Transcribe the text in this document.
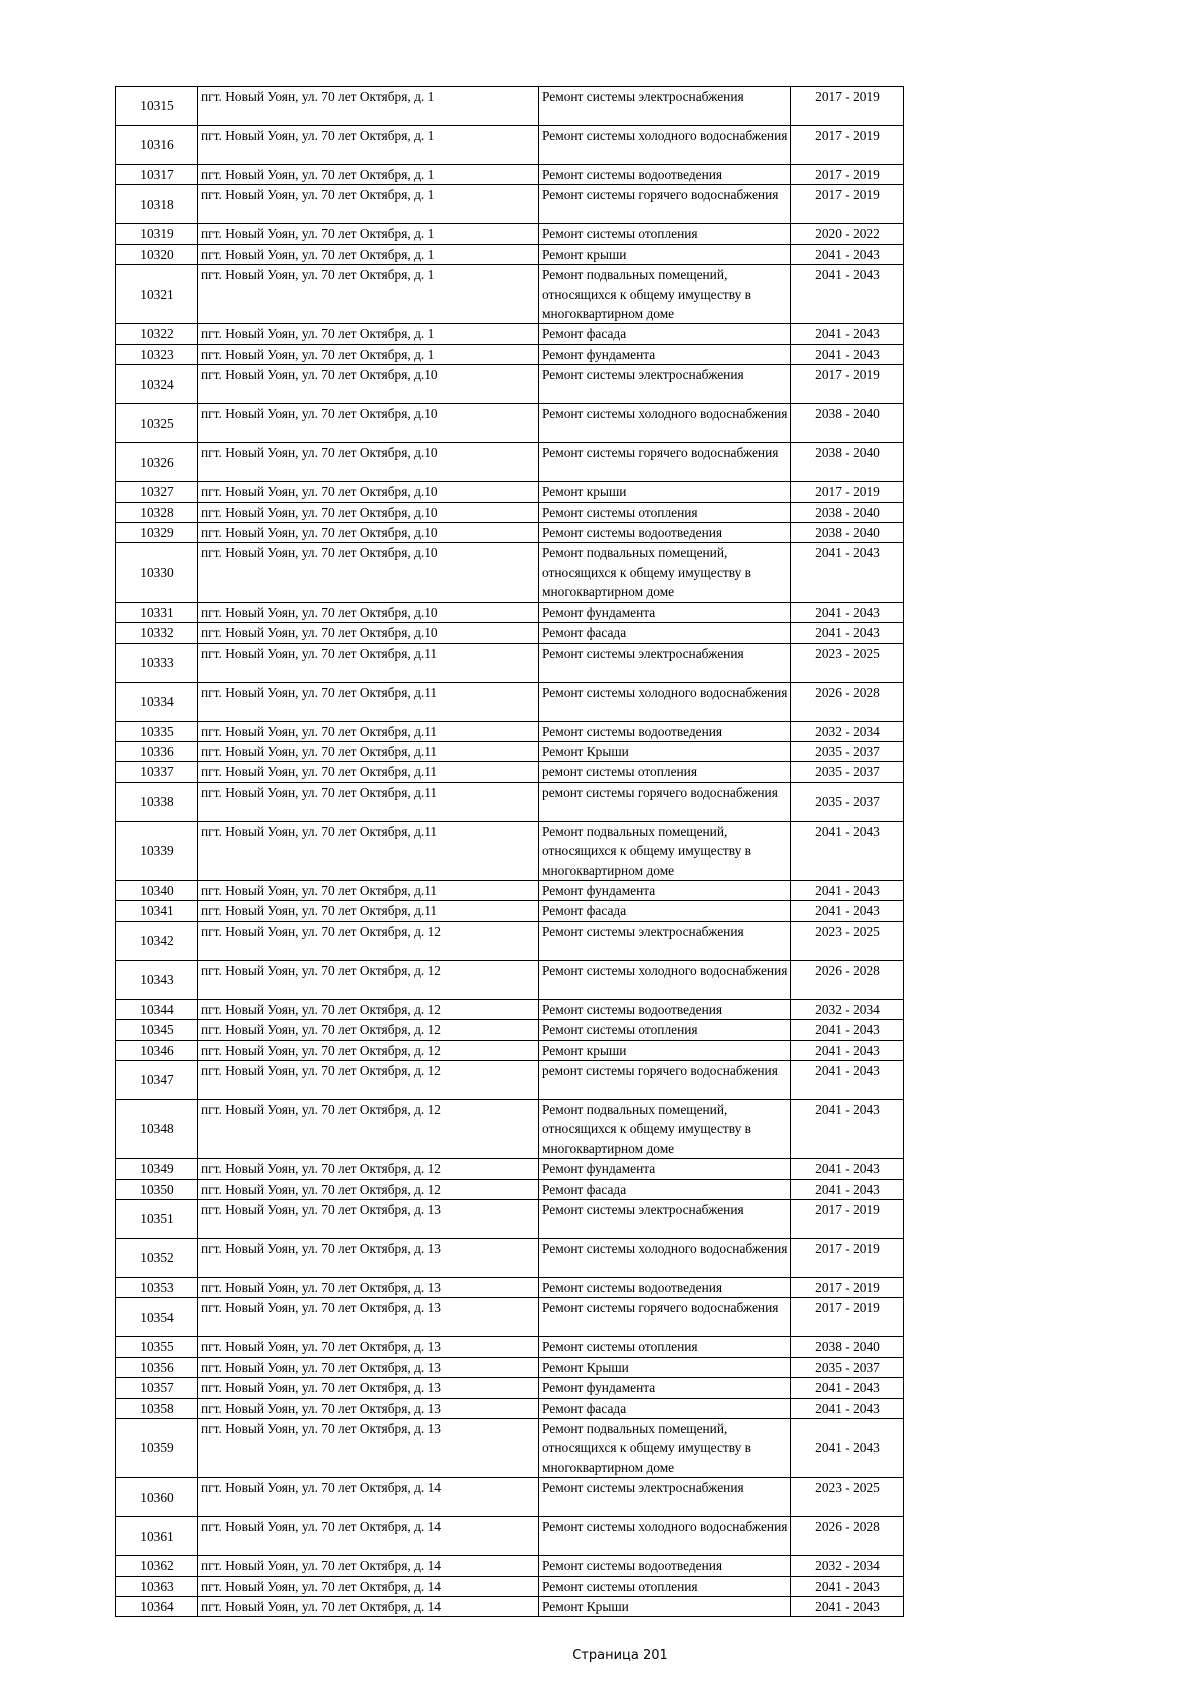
10315	пгт. Новый Уоян, ул. 70 лет Октября, д. 1	Ремонт системы электроснабжения	2017 - 2019
10316	пгт. Новый Уоян, ул. 70 лет Октября, д. 1	Ремонт системы холодного водоснабжения	2017 - 2019
10317	пгт. Новый Уоян, ул. 70 лет Октября, д. 1	Ремонт системы водоотведения	2017 - 2019
10318	пгт. Новый Уоян, ул. 70 лет Октября, д. 1	Ремонт системы горячего водоснабжения	2017 - 2019
10319	пгт. Новый Уоян, ул. 70 лет Октября, д. 1	Ремонт системы отопления	2020 - 2022
10320	пгт. Новый Уоян, ул. 70 лет Октября, д. 1	Ремонт крыши	2041 - 2043
10321	пгт. Новый Уоян, ул. 70 лет Октября, д. 1	Ремонт подвальных помещений, относящихся к общему имуществу в многоквартирном доме	2041 - 2043
10322	пгт. Новый Уоян, ул. 70 лет Октября, д. 1	Ремонт фасада	2041 - 2043
10323	пгт. Новый Уоян, ул. 70 лет Октября, д. 1	Ремонт фундамента	2041 - 2043
10324	пгт. Новый Уоян, ул. 70 лет Октября, д.10	Ремонт системы электроснабжения	2017 - 2019
10325	пгт. Новый Уоян, ул. 70 лет Октября, д.10	Ремонт системы холодного водоснабжения	2038 - 2040
10326	пгт. Новый Уоян, ул. 70 лет Октября, д.10	Ремонт системы горячего водоснабжения	2038 - 2040
10327	пгт. Новый Уоян, ул. 70 лет Октября, д.10	Ремонт крыши	2017 - 2019
10328	пгт. Новый Уоян, ул. 70 лет Октября, д.10	Ремонт системы отопления	2038 - 2040
10329	пгт. Новый Уоян, ул. 70 лет Октября, д.10	Ремонт системы водоотведения	2038 - 2040
10330	пгт. Новый Уоян, ул. 70 лет Октября, д.10	Ремонт подвальных помещений, относящихся к общему имуществу в многоквартирном доме	2041 - 2043
10331	пгт. Новый Уоян, ул. 70 лет Октября, д.10	Ремонт фундамента	2041 - 2043
10332	пгт. Новый Уоян, ул. 70 лет Октября, д.10	Ремонт фасада	2041 - 2043
10333	пгт. Новый Уоян, ул. 70 лет Октября, д.11	Ремонт системы электроснабжения	2023 - 2025
10334	пгт. Новый Уоян, ул. 70 лет Октября, д.11	Ремонт системы холодного водоснабжения	2026 - 2028
10335	пгт. Новый Уоян, ул. 70 лет Октября, д.11	Ремонт системы водоотведения	2032 - 2034
10336	пгт. Новый Уоян, ул. 70 лет Октября, д.11	Ремонт Крыши	2035 - 2037
10337	пгт. Новый Уоян, ул. 70 лет Октября, д.11	ремонт системы отопления	2035 - 2037
10338	пгт. Новый Уоян, ул. 70 лет Октября, д.11	ремонт системы горячего водоснабжения	2035 - 2037
10339	пгт. Новый Уоян, ул. 70 лет Октября, д.11	Ремонт подвальных помещений, относящихся к общему имуществу в многоквартирном доме	2041 - 2043
10340	пгт. Новый Уоян, ул. 70 лет Октября, д.11	Ремонт фундамента	2041 - 2043
10341	пгт. Новый Уоян, ул. 70 лет Октября, д.11	Ремонт фасада	2041 - 2043
10342	пгт. Новый Уоян, ул. 70 лет Октября, д. 12	Ремонт системы электроснабжения	2023 - 2025
10343	пгт. Новый Уоян, ул. 70 лет Октября, д. 12	Ремонт системы холодного водоснабжения	2026 - 2028
10344	пгт. Новый Уоян, ул. 70 лет Октября, д. 12	Ремонт системы водоотведения	2032 - 2034
10345	пгт. Новый Уоян, ул. 70 лет Октября, д. 12	Ремонт системы отопления	2041 - 2043
10346	пгт. Новый Уоян, ул. 70 лет Октября, д. 12	Ремонт крыши	2041 - 2043
10347	пгт. Новый Уоян, ул. 70 лет Октября, д. 12	ремонт системы горячего водоснабжения	2041 - 2043
10348	пгт. Новый Уоян, ул. 70 лет Октября, д. 12	Ремонт подвальных помещений, относящихся к общему имуществу в многоквартирном доме	2041 - 2043
10349	пгт. Новый Уоян, ул. 70 лет Октября, д. 12	Ремонт фундамента	2041 - 2043
10350	пгт. Новый Уоян, ул. 70 лет Октября, д. 12	Ремонт фасада	2041 - 2043
10351	пгт. Новый Уоян, ул. 70 лет Октября, д. 13	Ремонт системы электроснабжения	2017 - 2019
10352	пгт. Новый Уоян, ул. 70 лет Октября, д. 13	Ремонт системы холодного водоснабжения	2017 - 2019
10353	пгт. Новый Уоян, ул. 70 лет Октября, д. 13	Ремонт системы водоотведения	2017 - 2019
10354	пгт. Новый Уоян, ул. 70 лет Октября, д. 13	Ремонт системы горячего водоснабжения	2017 - 2019
10355	пгт. Новый Уоян, ул. 70 лет Октября, д. 13	Ремонт системы отопления	2038 - 2040
10356	пгт. Новый Уоян, ул. 70 лет Октября, д. 13	Ремонт Крыши	2035 - 2037
10357	пгт. Новый Уоян, ул. 70 лет Октября, д. 13	Ремонт фундамента	2041 - 2043
10358	пгт. Новый Уоян, ул. 70 лет Октября, д. 13	Ремонт фасада	2041 - 2043
10359	пгт. Новый Уоян, ул. 70 лет Октября, д. 13	Ремонт подвальных помещений, относящихся к общему имуществу в многоквартирном доме	2041 - 2043
10360	пгт. Новый Уоян, ул. 70 лет Октября, д. 14	Ремонт системы электроснабжения	2023 - 2025
10361	пгт. Новый Уоян, ул. 70 лет Октября, д. 14	Ремонт системы холодного водоснабжения	2026 - 2028
10362	пгт. Новый Уоян, ул. 70 лет Октября, д. 14	Ремонт системы водоотведения	2032 - 2034
10363	пгт. Новый Уоян, ул. 70 лет Октября, д. 14	Ремонт системы отопления	2041 - 2043
10364	пгт. Новый Уоян, ул. 70 лет Октября, д. 14	Ремонт Крыши	2041 - 2043
Страница 201
